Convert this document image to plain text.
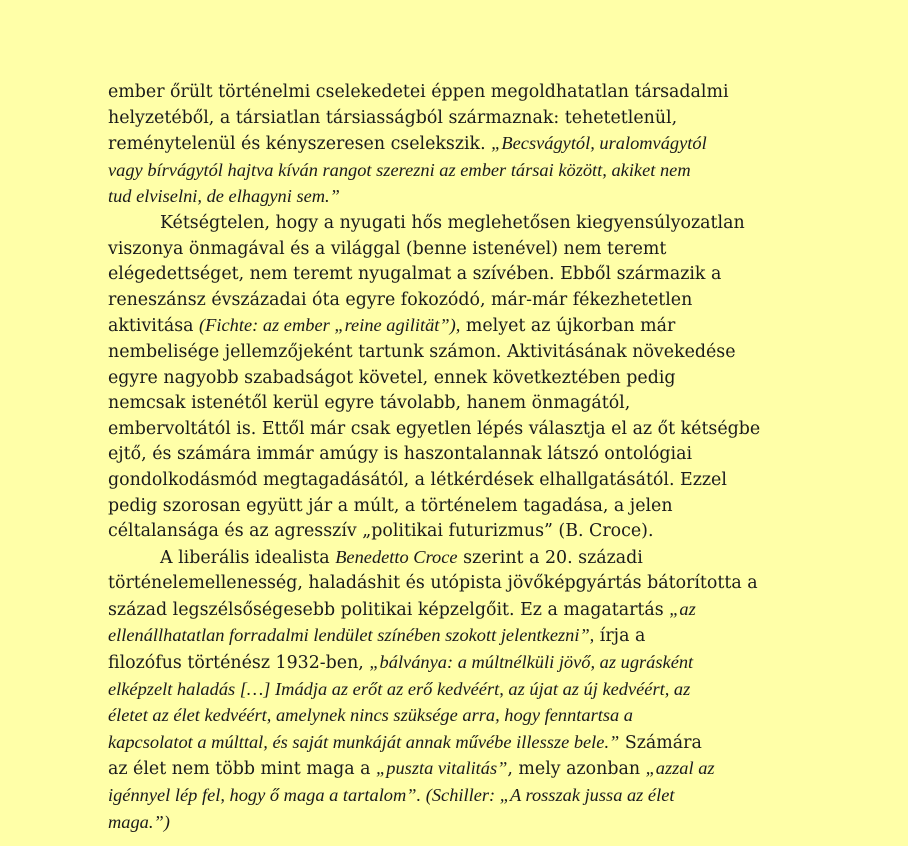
ember őrült történelmi cselekedetei éppen megoldhatatlan társadalmi
helyzetéből, a társiatlan társiasságból származnak: tehetetlenül,
reménytelenül és kényszeresen cselekszik. „Becsvágytól, uralomvágytól
vagy bírvágytól hajtva kíván rangot szerezni az ember társai között, akiket nem
tud elviselni, de elhagyni sem.”
Kétségtelen, hogy a nyugati hős meglehetősen kiegyensúlyozatlan
viszonya önmagával és a világgal (benne istenével) nem teremt
elégedettséget, nem teremt nyugalmat a szívében. Ebből származik a
reneszánsz évszázadai óta egyre fokozódó, már-már fékezhetetlen
aktivitása (Fichte: az ember „reine agilität”), melyet az újkorban már
nembelisége jellemzőjeként tartunk számon. Aktivitásának növekedése
egyre nagyobb szabadságot követel, ennek következtében pedig
nemcsak istenétől kerül egyre távolabb, hanem önmagától,
embervoltától is. Ettől már csak egyetlen lépés választja el az őt kétségbe
ejtő, és számára immár amúgy is haszontalannak látszó ontológiai
gondolkodásmód megtagadásától, a létkérdések elhallgatásától. Ezzel
pedig szorosan együtt jár a múlt, a történelem tagadása, a jelen
céltalansága és az agresszív „politikai futurizmus” (B. Croce).
A liberális idealista Benedetto Croce szerint a 20. századi
történelemellenesség, haladáshit és utópista jövőképgyártás bátorította a
század legszélsőségesebb politikai képzelgőit. Ez a magatartás „az
ellenállhatatlan forradalmi lendület színében szokott jelentkezni”, írja a
filozófus történész 1932-ben, „bálványa: a múltnélküli jövő, az ugrásként
elképzelt haladás […] Imádja az erőt az erő kedvéért, az újat az új kedvéért, az
életet az élet kedvéért, amelynek nincs szüksége arra, hogy fenntartsa a
kapcsolatot a múlttal, és saját munkáját annak művébe illessze bele.” Számára
az élet nem több mint maga a „puszta vitalitás”, mely azonban „azzal az
igénnyel lép fel, hogy ő maga a tartalom”. (Schiller: „A rosszak jussa az élet
maga.”)
